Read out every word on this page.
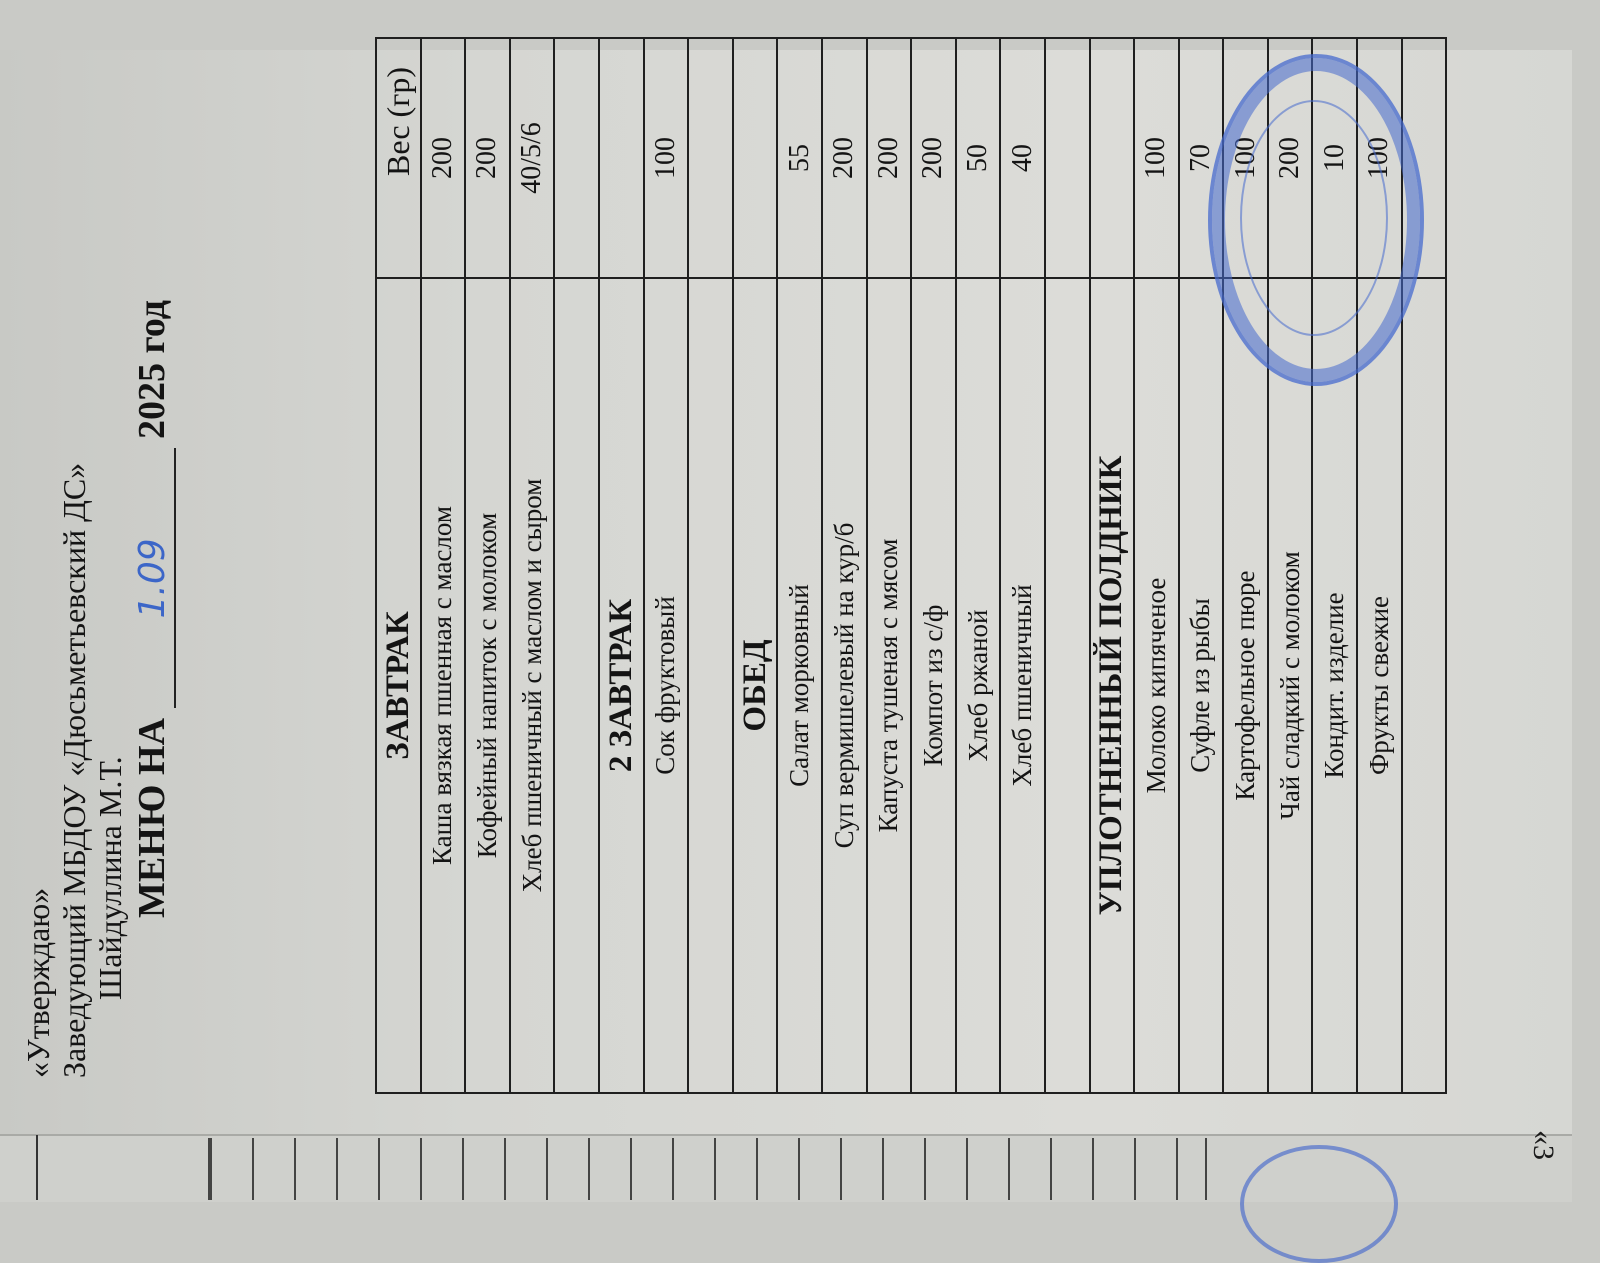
«Утверждаю» Заведующий МБДОУ «Дюсьметьевский ДС» Шайдуллина М.Т. МЕНЮ НА 1.09 2025 год
ЗАВТРАК	Вес (гр)
Каша вязкая пшенная с маслом	200
Кофейный напиток с молоком	200
Хлеб пшеничный с маслом и сыром	40/5/6

2 ЗАВТРАК	
Сок фруктовый	100

ОБЕД	
Салат морковный	55
Суп вермишелевый на кур/б	200
Капуста тушеная с мясом	200
Компот из с/ф	200
Хлеб ржаной	50
Хлеб пшеничный	40

УПЛОТНЕННЫЙ ПОЛДНИК	
Молоко кипяченое	100
Суфле из рыбы	70
Картофельное пюре	100
Чай сладкий с молоком	200
Кондит. изделие	10
Фрукты свежие	100

«3
